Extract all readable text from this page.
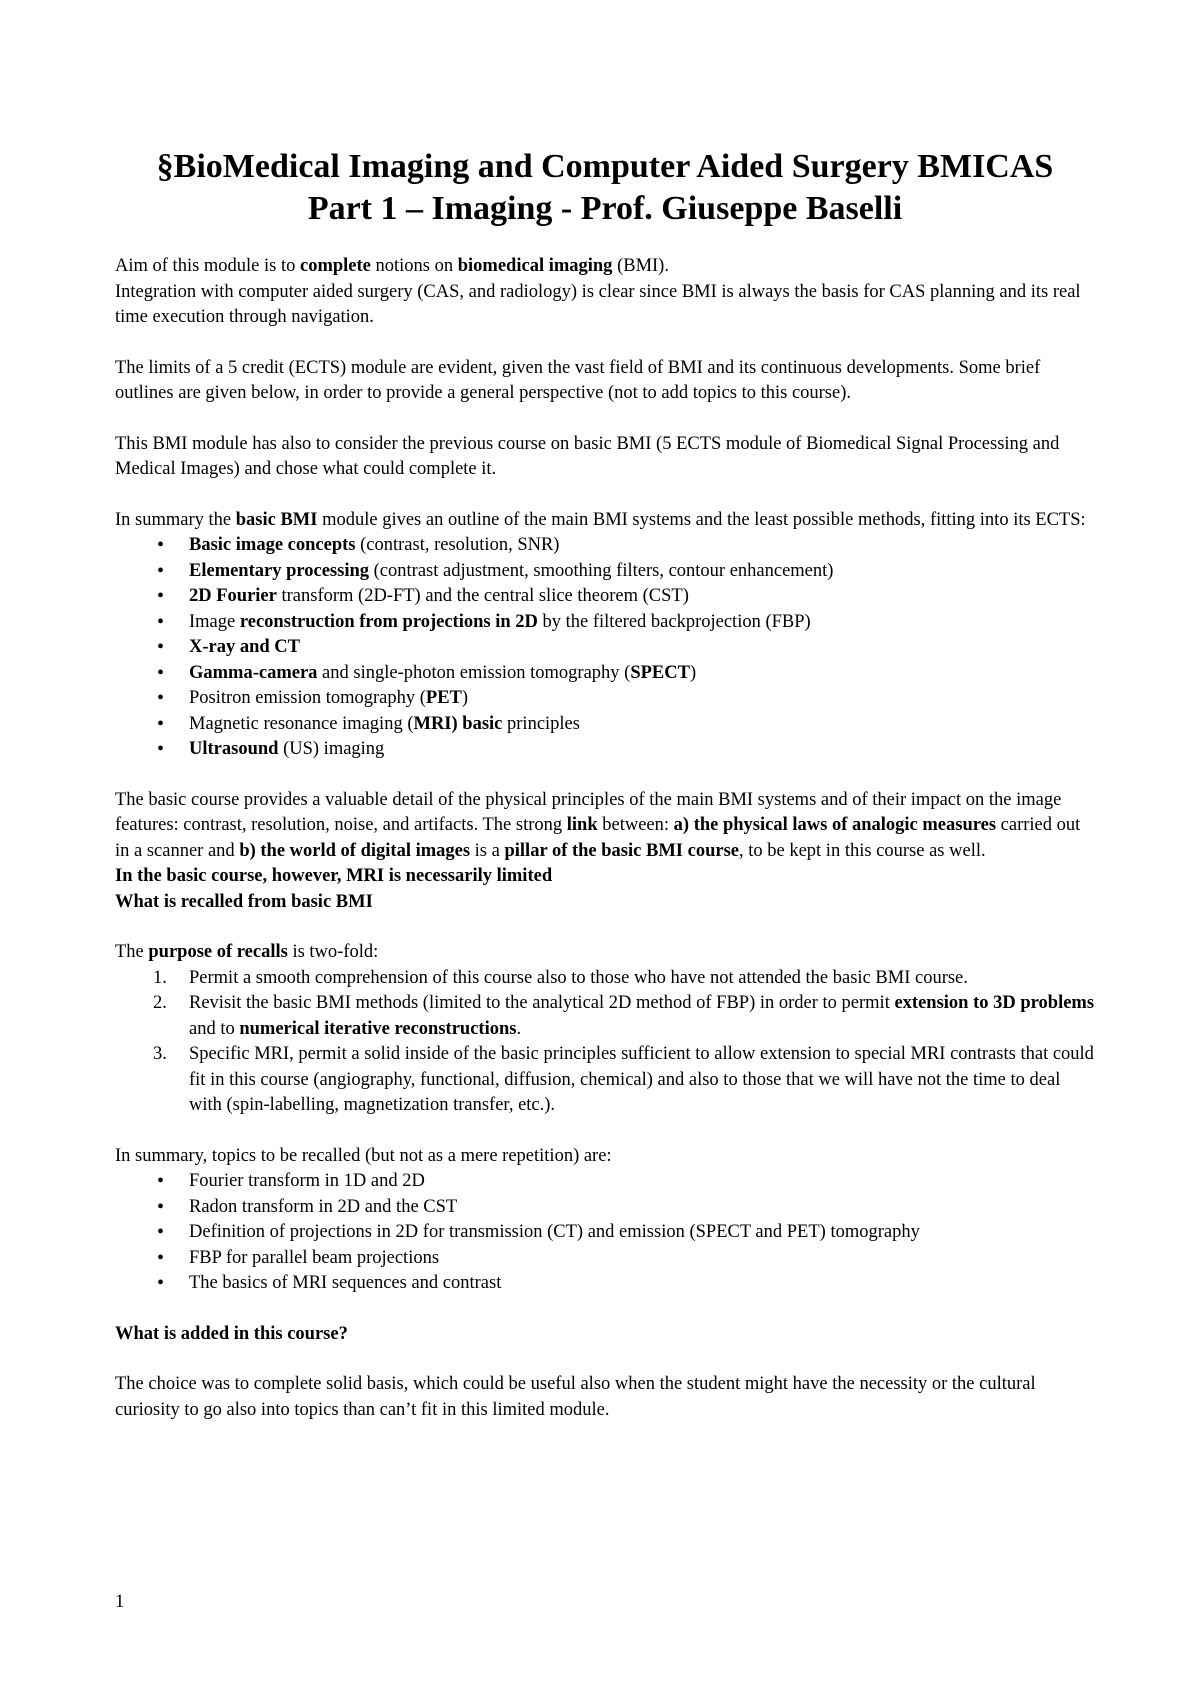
§BioMedical Imaging and Computer Aided Surgery BMICAS
Part 1 – Imaging - Prof. Giuseppe Baselli

Aim of this module is to complete notions on biomedical imaging (BMI).

Integration with computer aided surgery (CAS, and radiology) is clear since BMI is always the basis for CAS planning and its real time execution through navigation.

The limits of a 5 credit (ECTS) module are evident, given the vast field of BMI and its continuous developments. Some brief outlines are given below, in order to provide a general perspective (not to add topics to this course).

This BMI module has also to consider the previous course on basic BMI (5 ECTS module of Biomedical Signal Processing and Medical Images) and chose what could complete it.

In summary the basic BMI module gives an outline of the main BMI systems and the least possible methods, fitting into its ECTS:

• Basic image concepts (contrast, resolution, SNR)
• Elementary processing (contrast adjustment, smoothing filters, contour enhancement)
• 2D Fourier transform (2D-FT) and the central slice theorem (CST)
• Image reconstruction from projections in 2D by the filtered backprojection (FBP)
• X-ray and CT
• Gamma-camera and single-photon emission tomography (SPECT)
• Positron emission tomography (PET)
• Magnetic resonance imaging (MRI) basic principles
• Ultrasound (US) imaging

The basic course provides a valuable detail of the physical principles of the main BMI systems and of their impact on the image features: contrast, resolution, noise, and artifacts. The strong link between: a) the physical laws of analogic measures carried out in a scanner and b) the world of digital images is a pillar of the basic BMI course, to be kept in this course as well.

In the basic course, however, MRI is necessarily limited

What is recalled from basic BMI

The purpose of recalls is two-fold:

1. Permit a smooth comprehension of this course also to those who have not attended the basic BMI course.
2. Revisit the basic BMI methods (limited to the analytical 2D method of FBP) in order to permit extension to 3D problems and to numerical iterative reconstructions.
3. Specific MRI, permit a solid inside of the basic principles sufficient to allow extension to special MRI contrasts that could fit in this course (angiography, functional, diffusion, chemical) and also to those that we will have not the time to deal with (spin-labelling, magnetization transfer, etc.).

In summary, topics to be recalled (but not as a mere repetition) are:

• Fourier transform in 1D and 2D
• Radon transform in 2D and the CST
• Definition of projections in 2D for transmission (CT) and emission (SPECT and PET) tomography
• FBP for parallel beam projections
• The basics of MRI sequences and contrast

What is added in this course?

The choice was to complete solid basis, which could be useful also when the student might have the necessity or the cultural curiosity to go also into topics than can’t fit in this limited module.

1
